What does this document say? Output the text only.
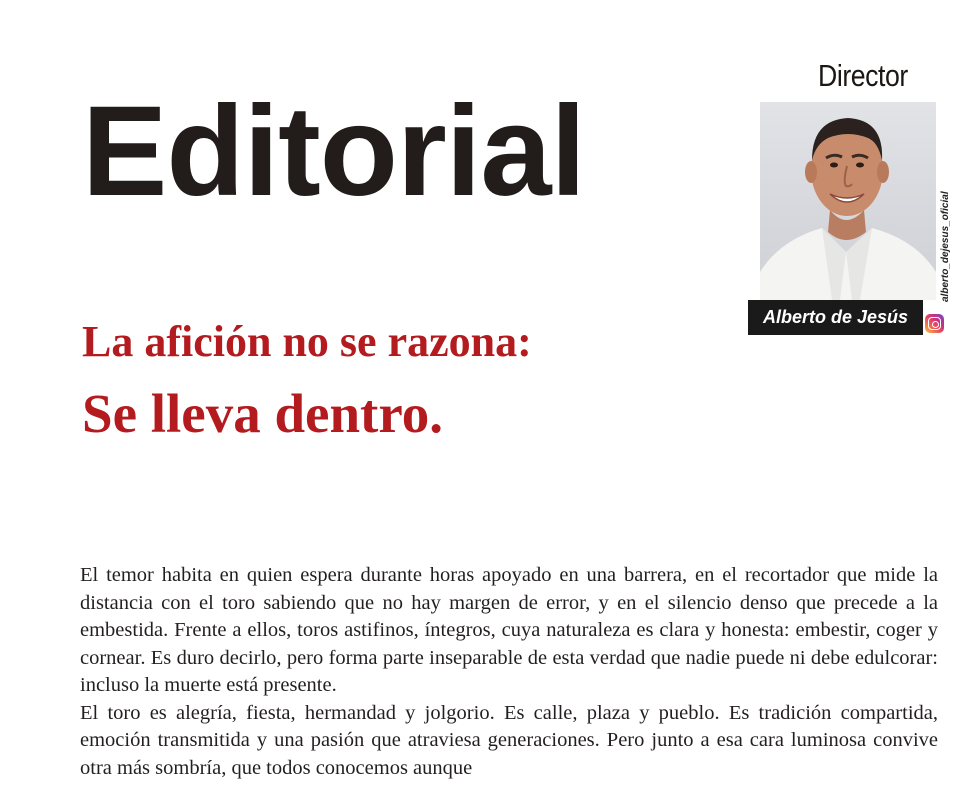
Director
Editorial
Alberto de Jesús
alberto_dejesus_oficial
La afición no se razona:
Se lleva dentro.

El temor habita en quien espera durante horas apoyado en una barrera, en el recortador que mide la distancia con el toro sabiendo que no hay margen de error, y en el silencio denso que precede a la embestida. Frente a ellos, toros astifinos, íntegros, cuya naturaleza es clara y honesta: embestir, coger y cornear. Es duro decirlo, pero forma parte inseparable de esta verdad que nadie puede ni debe edulcorar: incluso la muerte está presente.

El toro es alegría, fiesta, hermandad y jolgorio. Es calle, plaza y pueblo. Es tradición compartida, emoción transmitida y una pasión que atraviesa generaciones. Pero junto a esa cara luminosa convive otra más sombría, que todos conocemos aunque
